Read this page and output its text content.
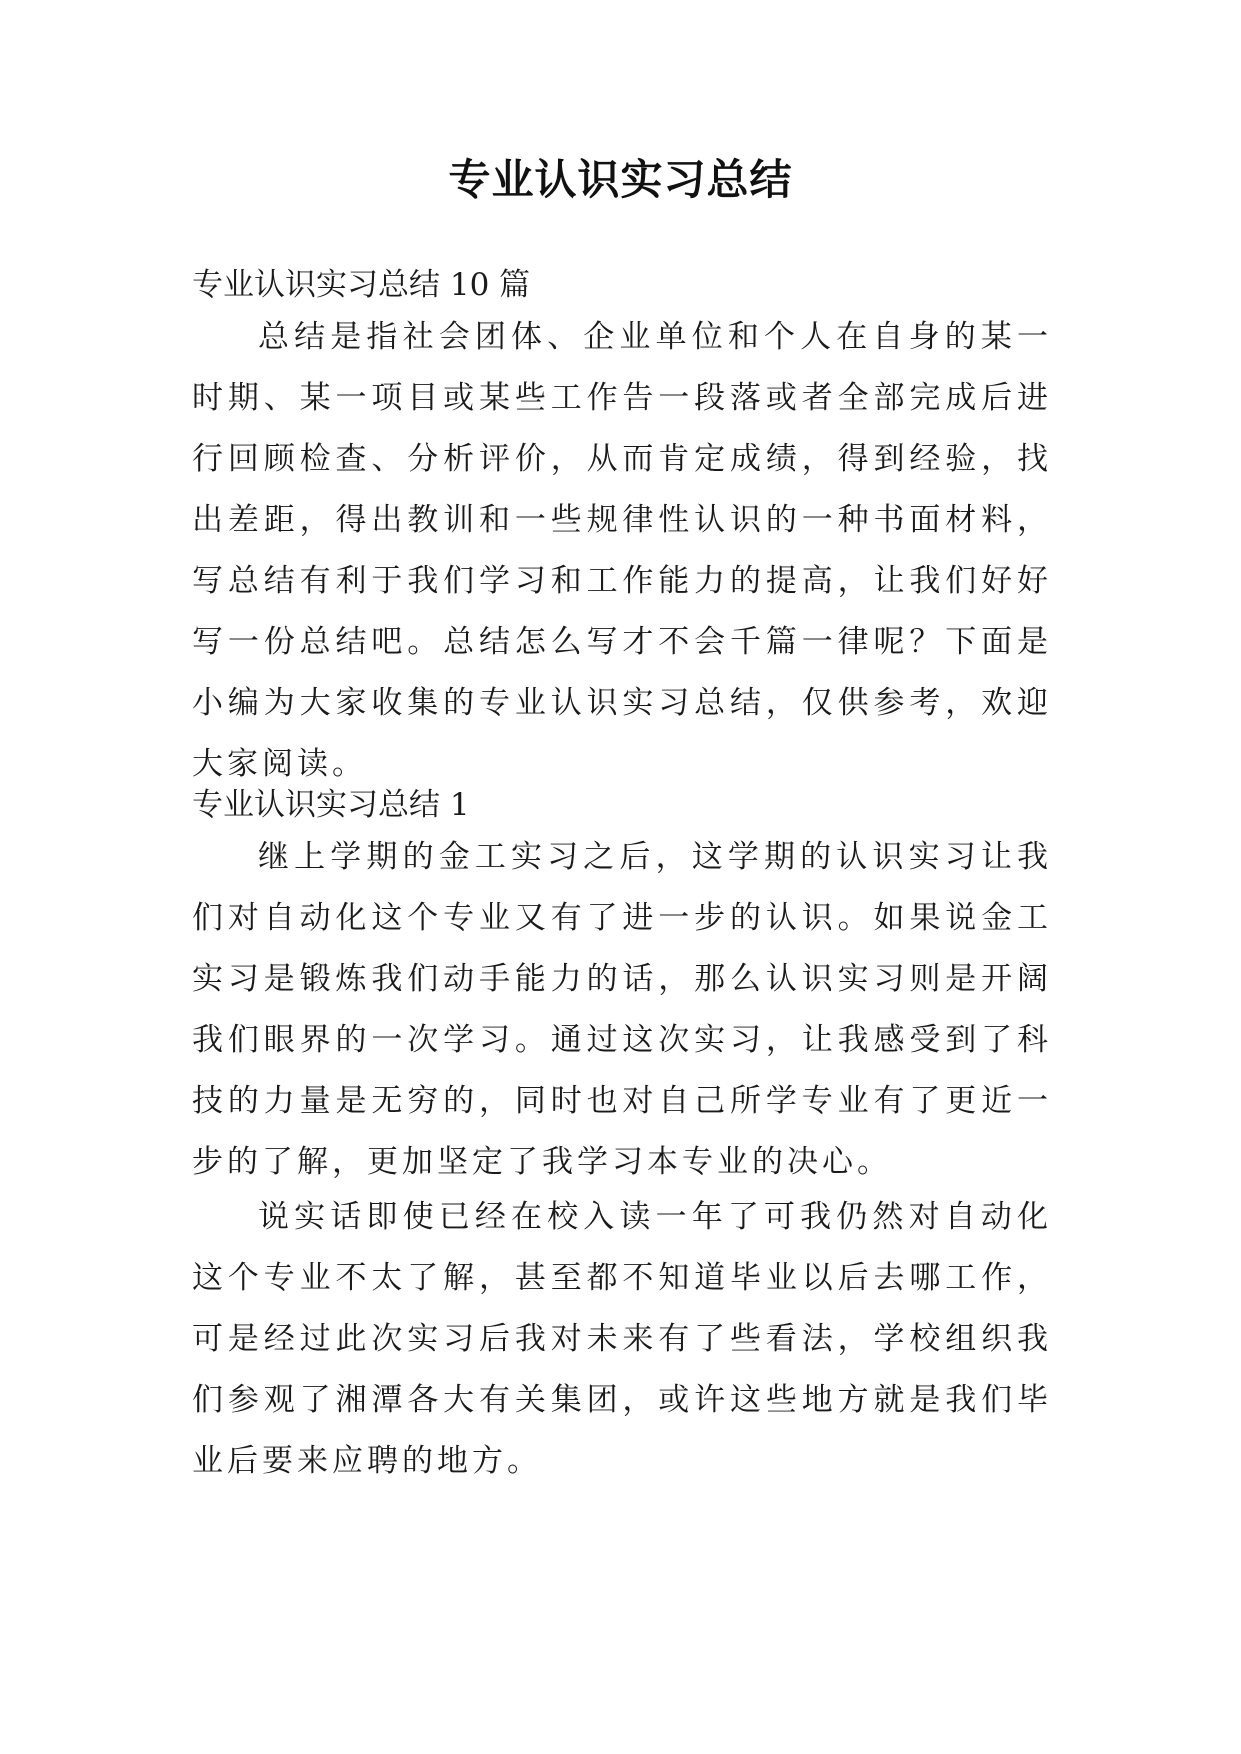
专业认识实习总结
专业认识实习总结 10 篇

总结是指社会团体、企业单位和个人在自身的某一时期、某一项目或某些工作告一段落或者全部完成后进行回顾检查、分析评价，从而肯定成绩，得到经验，找出差距，得出教训和一些规律性认识的一种书面材料，写总结有利于我们学习和工作能力的提高，让我们好好写一份总结吧。总结怎么写才不会千篇一律呢？下面是小编为大家收集的专业认识实习总结，仅供参考，欢迎大家阅读。

专业认识实习总结 1

继上学期的金工实习之后，这学期的认识实习让我们对自动化这个专业又有了进一步的认识。如果说金工实习是锻炼我们动手能力的话，那么认识实习则是开阔我们眼界的一次学习。通过这次实习，让我感受到了科技的力量是无穷的，同时也对自己所学专业有了更近一步的了解，更加坚定了我学习本专业的决心。

说实话即使已经在校入读一年了可我仍然对自动化这个专业不太了解，甚至都不知道毕业以后去哪工作，可是经过此次实习后我对未来有了些看法，学校组织我们参观了湘潭各大有关集团，或许这些地方就是我们毕业后要来应聘的地方。
